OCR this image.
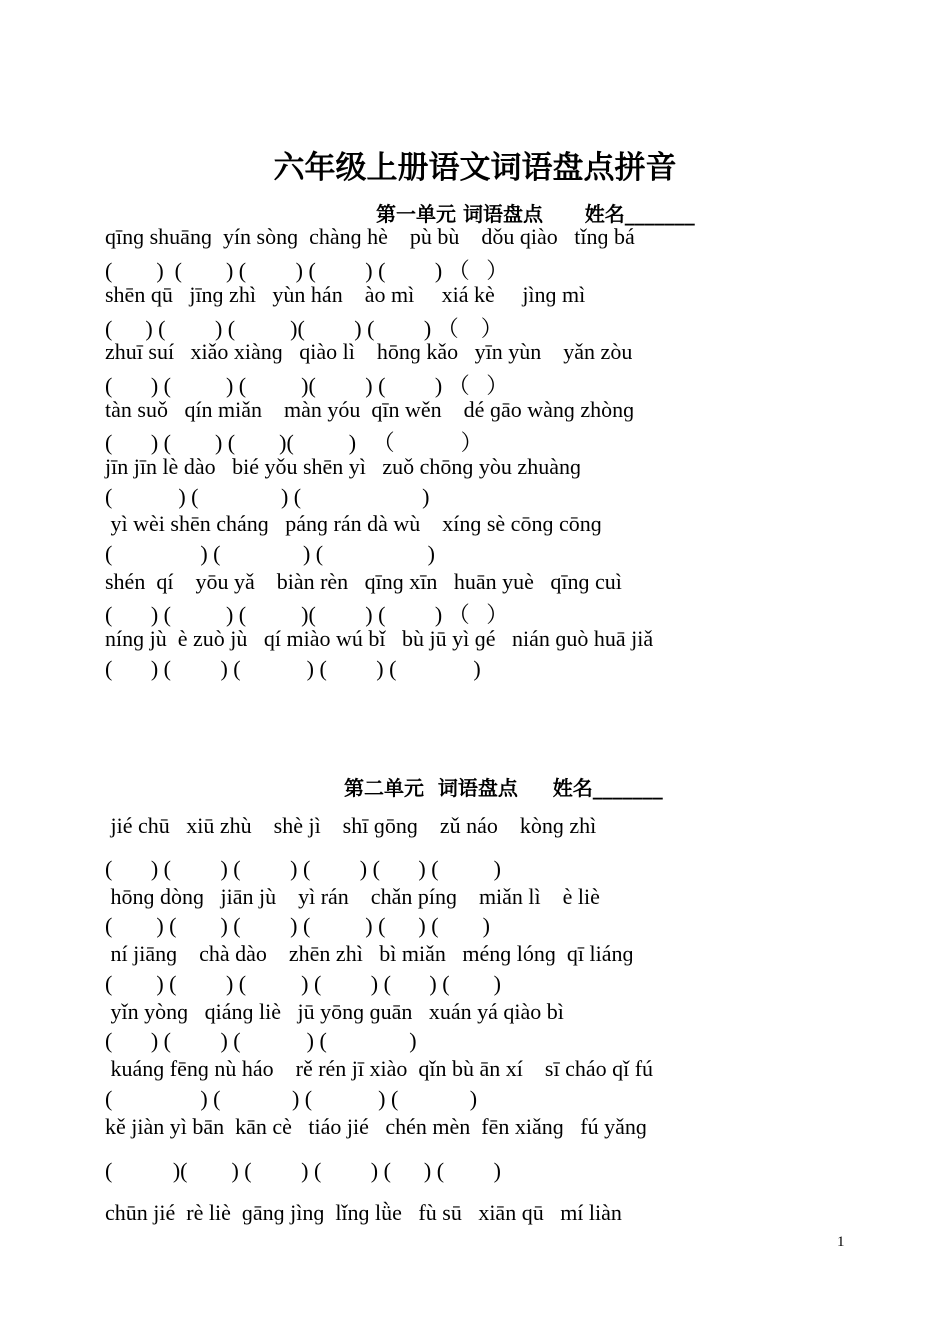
六年级上册语文词语盘点拼音
第一单元 词语盘点      姓名_______
qīnɡ shuānɡ  yín sònɡ  chànɡ hè    pù bù    dǒu qiào   tǐnɡ bá
(        )  (        ) (         ) (         ) (         ) （   ）
shēn qū   jīnɡ zhì   yùn hán    ào mì     xiá kè     jìnɡ mì
(      ) (         ) (          )(         ) (         ) （    ）
zhuī suí   xiǎo xiànɡ   qiào lì    hōnɡ kǎo   yīn yùn    yǎn zòu
(       ) (          ) (          )(         ) (         ) （   ）
tàn suǒ   qín miǎn    màn yóu  qīn wěn    dé ɡāo wànɡ zhònɡ
(       ) (        ) (        )(          )   （            ）
jīn jīn lè dào   bié yǒu shēn yì   zuǒ chōnɡ yòu zhuànɡ
(            ) (               ) (                      )
yì wèi shēn chánɡ   pánɡ rán dà wù    xínɡ sè cōnɡ cōnɡ
(                ) (               ) (                   )
shén  qí    yōu yǎ    biàn rèn   qīnɡ xīn   huān yuè   qīnɡ cuì
(       ) (          ) (          )(         ) (         ) （   ）
nínɡ jù  è zuò jù   qí miào wú bǐ   bù jū yì ɡé   nián ɡuò huā jiǎ
(       ) (         ) (            ) (         ) (              )
第二单元  词语盘点     姓名_______
jié chū   xiū zhù    shè jì    shī ɡōnɡ    zǔ náo    kònɡ zhì
(       ) (         ) (         ) (         ) (       ) (          )
hōnɡ dònɡ   jiān jù    yì rán    chǎn pínɡ    miǎn lì    è liè
(        ) (        ) (         ) (          ) (      ) (        )
ní jiānɡ    chà dào    zhēn zhì   bì miǎn   ménɡ lónɡ  qī liánɡ
(        ) (         ) (          ) (         ) (       ) (        )
yǐn yònɡ   qiánɡ liè   jū yōnɡ ɡuān   xuán yá qiào bì
(       ) (         ) (            ) (               )
kuánɡ fēnɡ nù háo    rě rén jī xiào  qǐn bù ān xí    sī cháo qǐ fú
(                ) (             ) (            ) (             )
kě jiàn yì bān  kān cè   tiáo jié   chén mèn  fēn xiǎnɡ   fú yǎnɡ
(           )(        ) (         ) (         ) (      ) (         )
chūn jié  rè liè  ɡānɡ jìnɡ  lǐnɡ lǜe   fù sū   xiān qū   mí liàn
1
